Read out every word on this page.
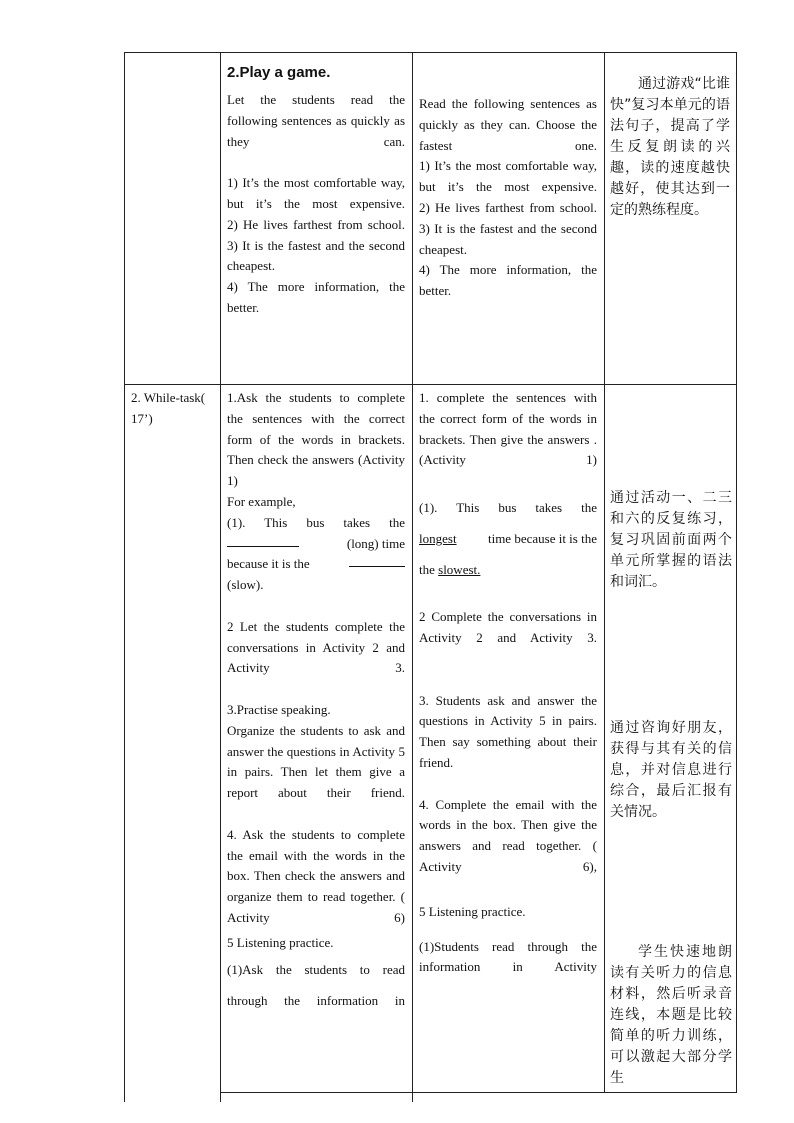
2.Play a game.

Let the students read the following sentences as quickly as they can.

1) It’s the most comfortable way, but it’s the most expensive.

2) He lives farthest from school.

3) It is the fastest and the second cheapest.

4) The more information, the better.

Read the following sentences as quickly as they can. Choose the fastest one.

1) It’s the most comfortable way, but it’s the most expensive.

2) He lives farthest from school.

3) It is the fastest and the second cheapest.

4) The more information, the better.

通过游戏“比谁快”复习本单元的语法句子，提高了学生反复朗读的兴趣，读的速度越快越好，使其达到一定的熟练程度。
2. While-task( 17’)

1.Ask the students to complete the sentences with the correct form of the words in brackets. Then check the answers (Activity 1)

For example,

(1). This bus takes the

(long) time

because it is the

(slow).

2 Let the students complete the conversations in Activity 2 and Activity 3.

3.Practise speaking.

Organize the students to ask and answer the questions in Activity 5 in pairs. Then let them give a report about their friend.

4. Ask the students to complete the email with the words in the box. Then check the answers and organize them to read together. ( Activity 6)

5 Listening practice.

(1)Ask the students to read through the information in

1. complete the sentences with the correct form of the words in brackets. Then give the answers .(Activity 1)

(1). This bus takes the

longest time because it is the

the slowest.

2 Complete the conversations in Activity 2 and Activity 3.

3. Students ask and answer the questions in Activity 5 in pairs. Then say something about their friend.

4. Complete the email with the words in the box. Then give the answers and read together. ( Activity 6),

5 Listening practice.

(1)Students read through the information in Activity

通过活动一、二三和六的反复练习，复习巩固前面两个单元所掌握的语法和词汇。
通过咨询好朋友，获得与其有关的信息，并对信息进行综合，最后汇报有关情况。
学生快速地朗读有关听力的信息材料，然后听录音连线，本题是比较简单的听力训练，可以激起大部分学生
